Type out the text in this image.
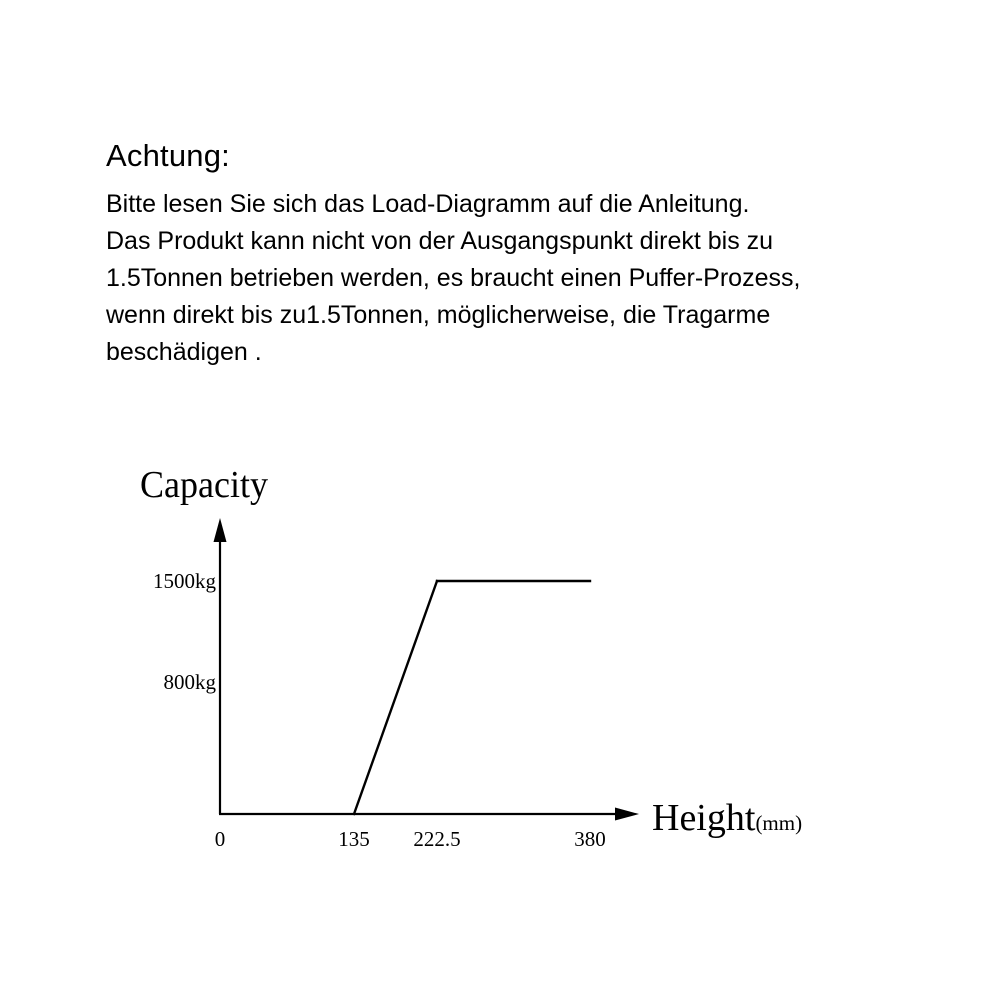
Achtung:

Bitte lesen Sie sich das Load-Diagramm auf die Anleitung.

Das Produkt kann nicht von der Ausgangspunkt direkt bis zu

1.5Tonnen betrieben werden, es braucht einen Puffer-Prozess,

wenn direkt bis zu1.5Tonnen, möglicherweise, die Tragarme

beschädigen .

Capacity
Height(mm)
800kg
1500kg
0	135 222.5	380
